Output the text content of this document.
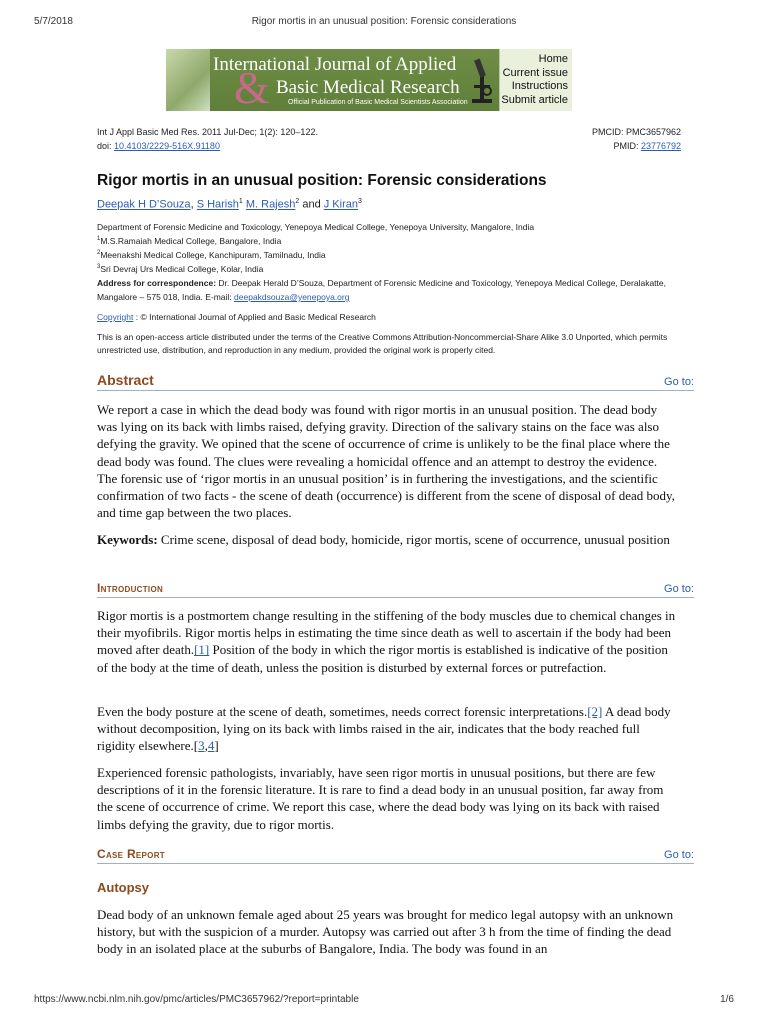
5/7/2018	Rigor mortis in an unusual position: Forensic considerations
International Journal of Applied
& Basic Medical Research
Official Publication of Basic Medical Scientists Association
Home
Current issue
Instructions
Submit article
Int J Appl Basic Med Res. 2011 Jul-Dec; 1(2): 120–122.	PMCID: PMC3657962
doi: 10.4103/2229-516X.91180	PMID: 23776792
Rigor mortis in an unusual position: Forensic considerations
Deepak H D’Souza, S Harish$^1$ M. Rajesh$^2$ and J Kiran$^3$
Department of Forensic Medicine and Toxicology, Yenepoya Medical College, Yenepoya University, Mangalore, India
$^1$M.S.Ramaiah Medical College, Bangalore, India
$^2$Meenakshi Medical College, Kanchipuram, Tamilnadu, India
$^3$Sri Devraj Urs Medical College, Kolar, India
Address for correspondence: Dr. Deepak Herald D’Souza, Department of Forensic Medicine and Toxicology, Yenepoya Medical College, Deralakatte, Mangalore – 575 018, India. E-mail: deepakdsouza@yenepoya.org
Copyright : © International Journal of Applied and Basic Medical Research
This is an open-access article distributed under the terms of the Creative Commons Attribution-Noncommercial-Share Alike 3.0 Unported, which permits unrestricted use, distribution, and reproduction in any medium, provided the original work is properly cited.
Abstract	Go to:

We report a case in which the dead body was found with rigor mortis in an unusual position. The dead body was lying on its back with limbs raised, defying gravity. Direction of the salivary stains on the face was also defying the gravity. We opined that the scene of occurrence of crime is unlikely to be the final place where the dead body was found. The clues were revealing a homicidal offence and an attempt to destroy the evidence. The forensic use of ‘rigor mortis in an unusual position’ is in furthering the investigations, and the scientific confirmation of two facts - the scene of death (occurrence) is different from the scene of disposal of dead body, and time gap between the two places.

Keywords: Crime scene, disposal of dead body, homicide, rigor mortis, scene of occurrence, unusual position

Introduction	Go to:

Rigor mortis is a postmortem change resulting in the stiffening of the body muscles due to chemical changes in their myofibrils. Rigor mortis helps in estimating the time since death as well to ascertain if the body had been moved after death.[1] Position of the body in which the rigor mortis is established is indicative of the position of the body at the time of death, unless the position is disturbed by external forces or putrefaction.

Even the body posture at the scene of death, sometimes, needs correct forensic interpretations.[2] A dead body without decomposition, lying on its back with limbs raised in the air, indicates that the body reached full rigidity elsewhere.[3,4]

Experienced forensic pathologists, invariably, have seen rigor mortis in unusual positions, but there are few descriptions of it in the forensic literature. It is rare to find a dead body in an unusual position, far away from the scene of occurrence of crime. We report this case, where the dead body was lying on its back with raised limbs defying the gravity, due to rigor mortis.

Case Report	Go to:
Autopsy

Dead body of an unknown female aged about 25 years was brought for medico legal autopsy with an unknown history, but with the suspicion of a murder. Autopsy was carried out after 3 h from the time of finding the dead body in an isolated place at the suburbs of Bangalore, India. The body was found in an

https://www.ncbi.nlm.nih.gov/pmc/articles/PMC3657962/?report=printable	1/6
